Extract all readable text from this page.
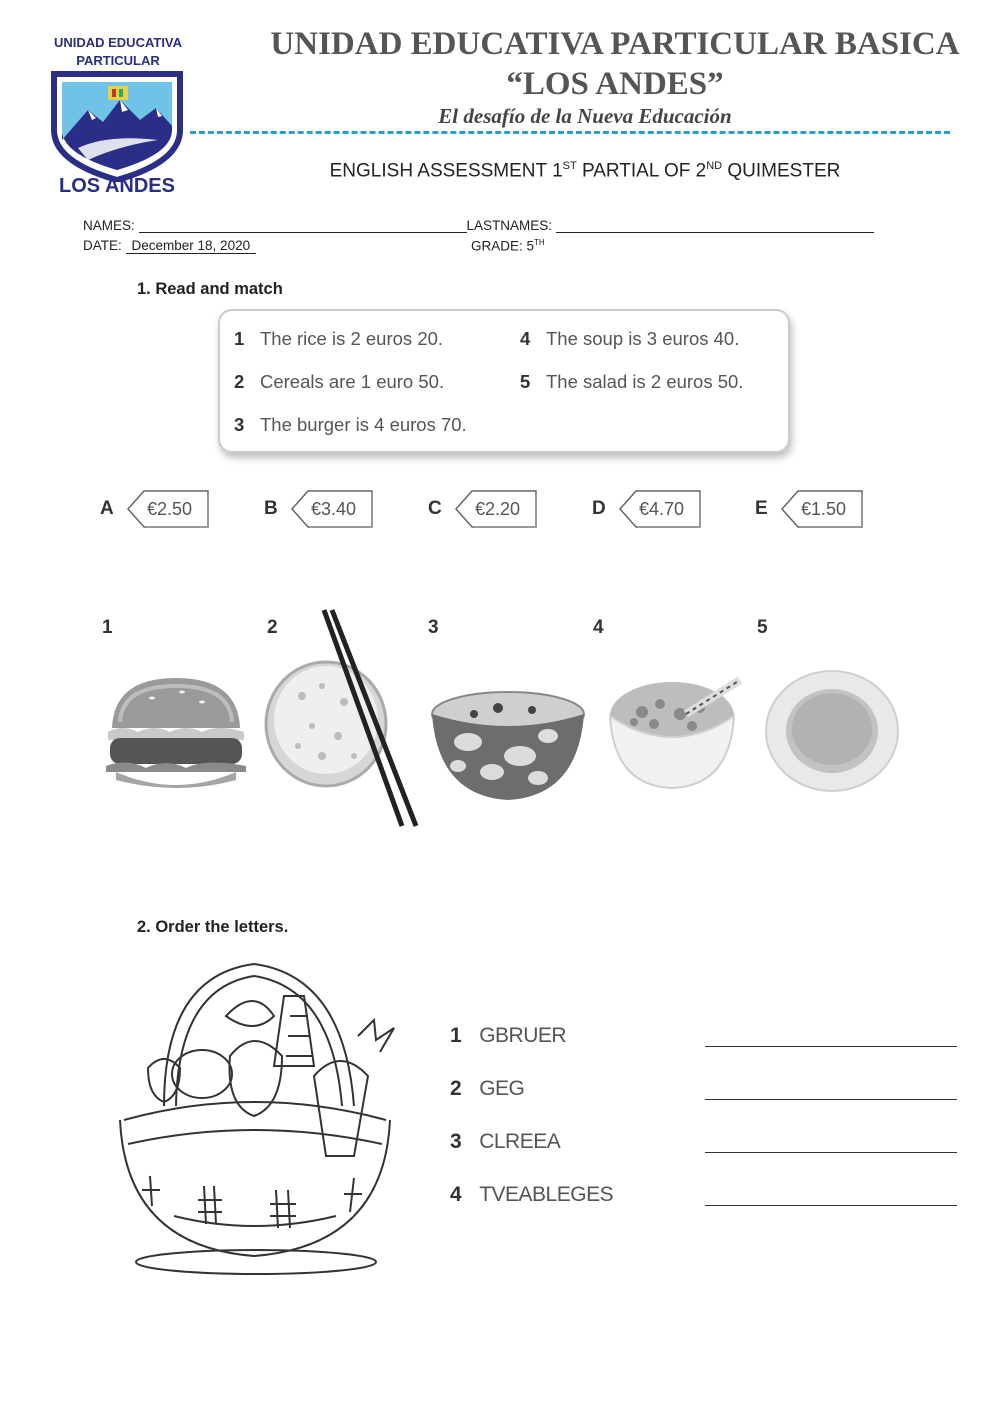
UNIDAD EDUCATIVA PARTICULAR
LOS ANDES
UNIDAD EDUCATIVA PARTICULAR BASICA
“LOS ANDES”
El desafío de la Nueva Educación
ENGLISH ASSESSMENT 1ST PARTIAL OF 2ND QUIMESTER
NAMES:	LASTNAMES:
DATE: December 18, 2020	GRADE: 5TH
1. Read and match
1 The rice is 2 euros 20.
2 Cereals are 1 euro 50.
3 The burger is 4 euros 70.
4 The soup is 3 euros 40.
5 The salad is 2 euros 50.
A €2.50	B €3.40	C €2.20	D €4.70	E €1.50
1	2	3	4	5
2. Order the letters.
1 GBRUER
2 GEG
3 CLREEA
4 TVEABLEGES
